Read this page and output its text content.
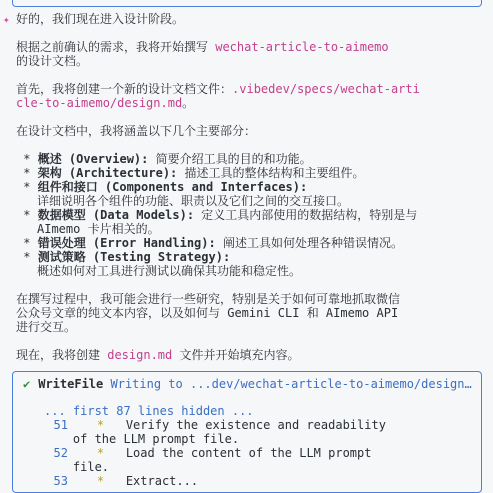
✦ 好的，我们现在进入设计阶段。

根据之前确认的需求，我将开始撰写 wechat-article-to-aimemo
的设计文档。

首先，我将创建一个新的设计文档文件：.vibedev/specs/wechat-arti
cle-to-aimemo/design.md。

在设计文档中，我将涵盖以下几个主要部分：

* 概述 (Overview): 简要介绍工具的目的和功能。
* 架构 (Architecture): 描述工具的整体结构和主要组件。
* 组件和接口 (Components and Interfaces):
详细说明各个组件的功能、职责以及它们之间的交互接口。
* 数据模型 (Data Models): 定义工具内部使用的数据结构，特别是与
AImemo 卡片相关的。
* 错误处理 (Error Handling): 阐述工具如何处理各种错误情况。
* 测试策略 (Testing Strategy):
概述如何对工具进行测试以确保其功能和稳定性。

在撰写过程中，我可能会进行一些研究，特别是关于如何可靠地抓取微信
公众号文章的纯文本内容，以及如何与 Gemini CLI 和 AImemo API
进行交互。

现在，我将创建 design.md 文件并开始填充内容。

✔ WriteFile Writing to ...dev/wechat-article-to-aimemo/design…
... first 87 lines hidden ...
51 * Verify the existence and readability
of the LLM prompt file.
52 * Load the content of the LLM prompt
file.
53 * Extract...
